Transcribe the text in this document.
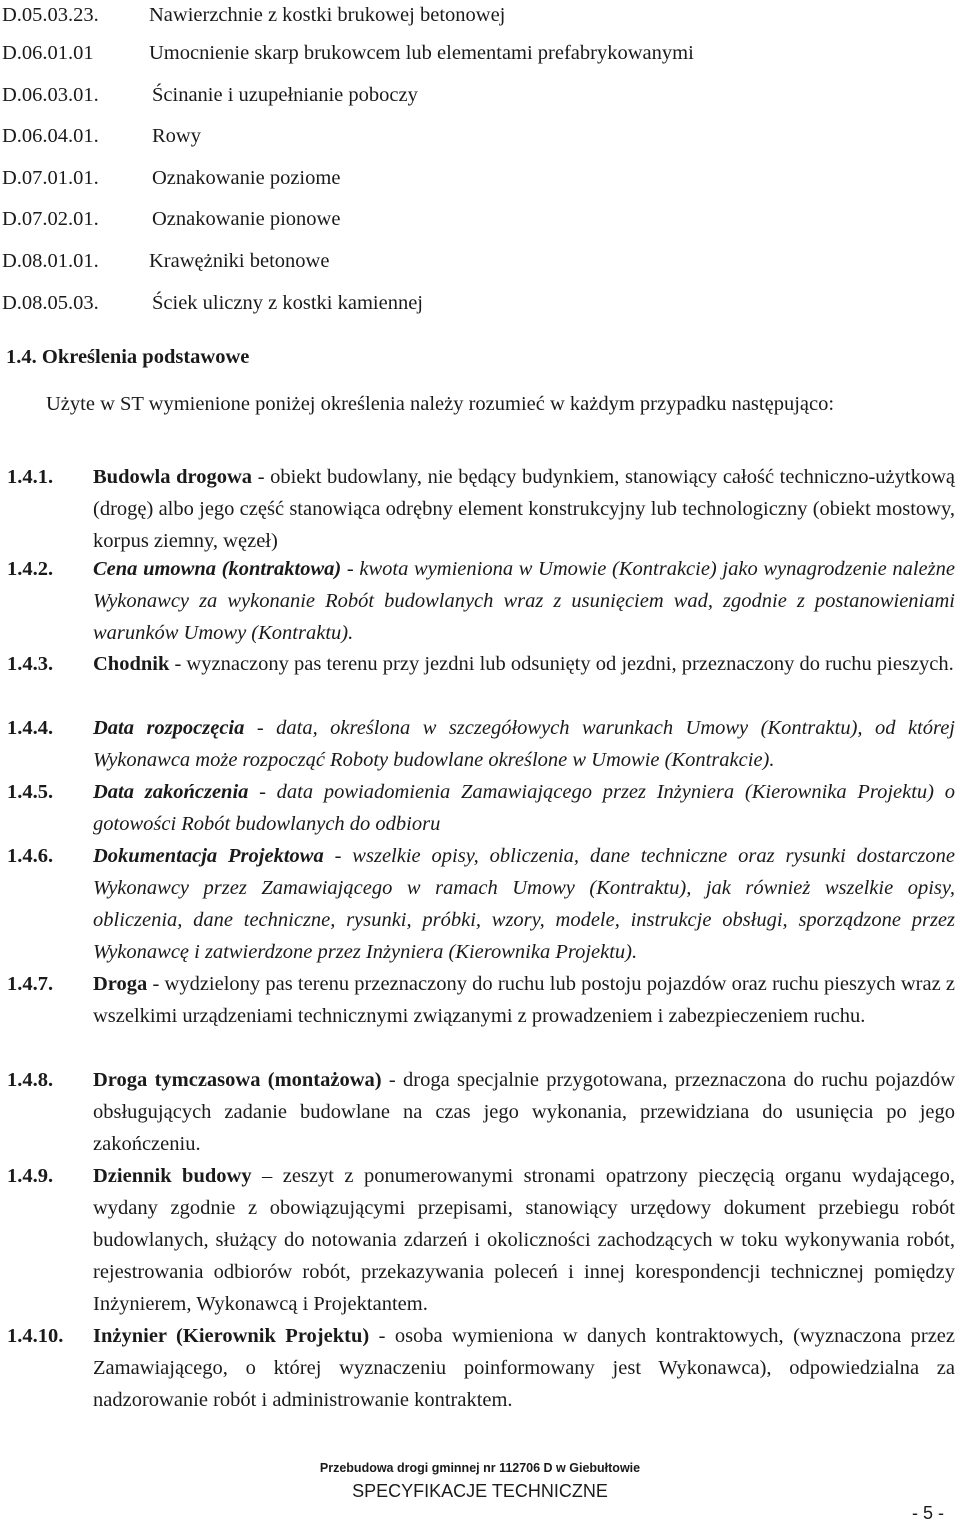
D.05.03.23.	Nawierzchnie z kostki brukowej betonowej
D.06.01.01	Umocnienie skarp brukowcem lub elementami prefabrykowanymi
D.06.03.01.	Ścinanie i uzupełnianie poboczy
D.06.04.01.	Rowy
D.07.01.01.	Oznakowanie poziome
D.07.02.01.	Oznakowanie pionowe
D.08.01.01.	Krawężniki betonowe
D.08.05.03.	Ściek uliczny z kostki kamiennej
1.4. Określenia podstawowe

Użyte w ST wymienione poniżej określenia należy rozumieć w każdym przypadku następująco:

1.4.1. Budowla drogowa - obiekt budowlany, nie będący budynkiem, stanowiący całość techniczno-użytkową (drogę) albo jego część stanowiąca odrębny element konstrukcyjny lub technologiczny (obiekt mostowy, korpus ziemny, węzeł)

1.4.2. Cena umowna (kontraktowa) - kwota wymieniona w Umowie (Kontrakcie) jako wynagrodzenie należne Wykonawcy za wykonanie Robót budowlanych wraz z usunięciem wad, zgodnie z postanowieniami warunków Umowy (Kontraktu).

1.4.3. Chodnik - wyznaczony pas terenu przy jezdni lub odsunięty od jezdni, przeznaczony do ruchu pieszych.

1.4.4. Data rozpoczęcia - data, określona w szczegółowych warunkach Umowy (Kontraktu), od której Wykonawca może rozpocząć Roboty budowlane określone w Umowie (Kontrakcie).

1.4.5. Data zakończenia - data powiadomienia Zamawiającego przez Inżyniera (Kierownika Projektu) o gotowości Robót budowlanych do odbioru

1.4.6. Dokumentacja Projektowa - wszelkie opisy, obliczenia, dane techniczne oraz rysunki dostarczone Wykonawcy przez Zamawiającego w ramach Umowy (Kontraktu), jak również wszelkie opisy, obliczenia, dane techniczne, rysunki, próbki, wzory, modele, instrukcje obsługi, sporządzone przez Wykonawcę i zatwierdzone przez Inżyniera (Kierownika Projektu).

1.4.7. Droga - wydzielony pas terenu przeznaczony do ruchu lub postoju pojazdów oraz ruchu pieszych wraz z wszelkimi urządzeniami technicznymi związanymi z prowadzeniem i zabezpieczeniem ruchu.

1.4.8. Droga tymczasowa (montażowa) - droga specjalnie przygotowana, przeznaczona do ruchu pojazdów obsługujących zadanie budowlane na czas jego wykonania, przewidziana do usunięcia po jego zakończeniu.

1.4.9. Dziennik budowy – zeszyt z ponumerowanymi stronami opatrzony pieczęcią organu wydającego, wydany zgodnie z obowiązującymi przepisami, stanowiący urzędowy dokument przebiegu robót budowlanych, służący do notowania zdarzeń i okoliczności zachodzących w toku wykonywania robót, rejestrowania odbiorów robót, przekazywania poleceń i innej korespondencji technicznej pomiędzy Inżynierem, Wykonawcą i Projektantem.

1.4.10. Inżynier (Kierownik Projektu) - osoba wymieniona w danych kontraktowych, (wyznaczona przez Zamawiającego, o której wyznaczeniu poinformowany jest Wykonawca), odpowiedzialna za nadzorowanie robót i administrowanie kontraktem.

Przebudowa drogi gminnej nr 112706 D w Giebułtowie
SPECYFIKACJE TECHNICZNE
- 5 -
